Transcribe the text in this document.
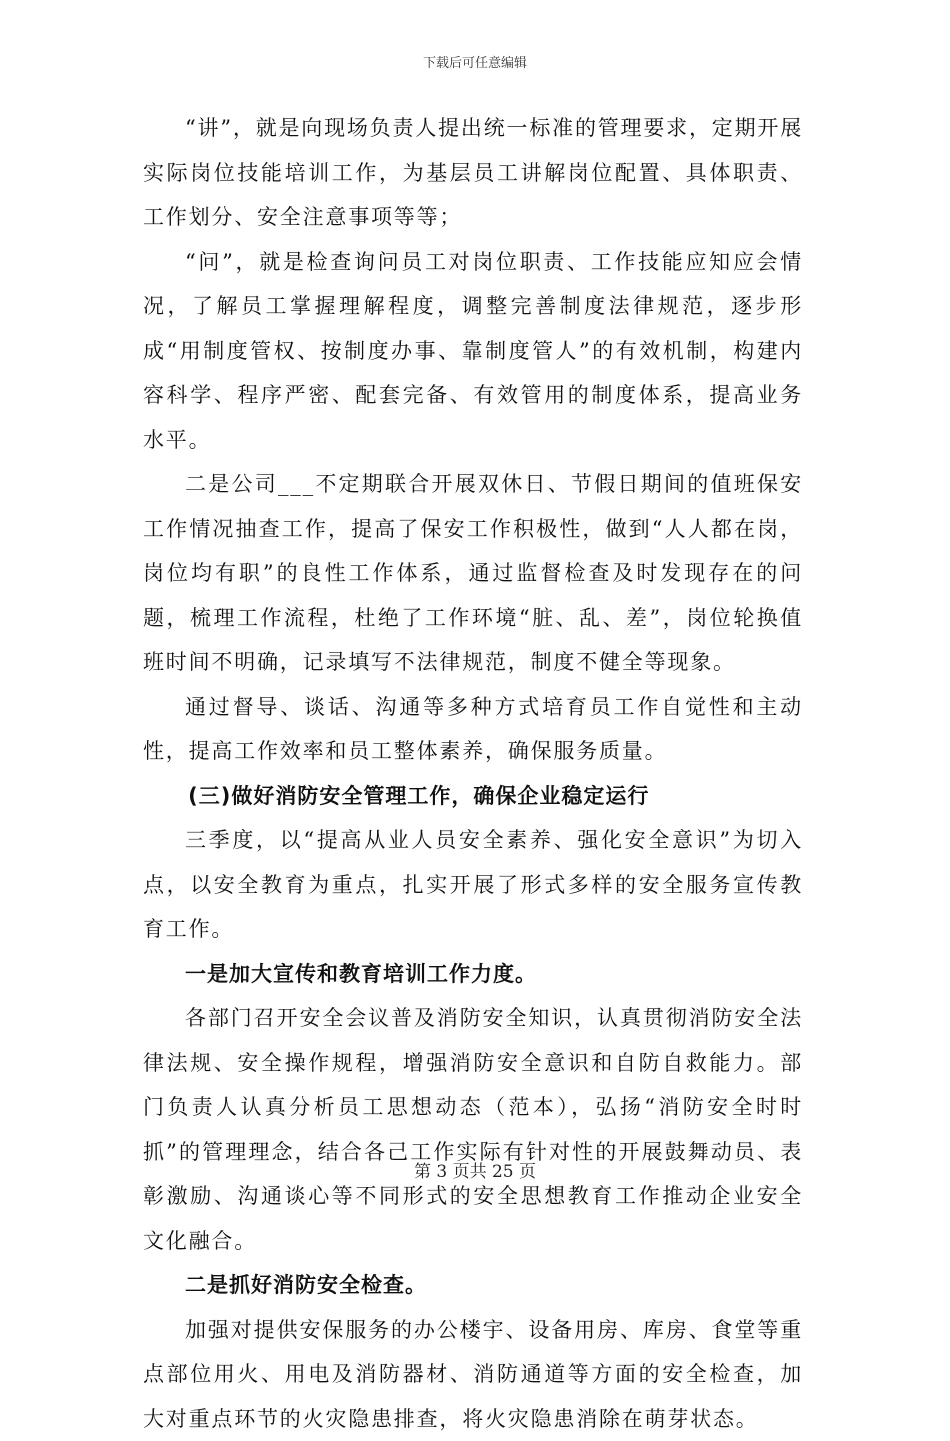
下载后可任意编辑

“讲”，就是向现场负责人提出统一标准的管理要求，定期开展实际岗位技能培训工作，为基层员工讲解岗位配置、具体职责、工作划分、安全注意事项等等；

“问”，就是检查询问员工对岗位职责、工作技能应知应会情况，了解员工掌握理解程度，调整完善制度法律规范，逐步形成“用制度管权、按制度办事、靠制度管人”的有效机制，构建内容科学、程序严密、配套完备、有效管用的制度体系，提高业务水平。

二是公司___不定期联合开展双休日、节假日期间的值班保安工作情况抽查工作，提高了保安工作积极性，做到“人人都在岗，岗位均有职”的良性工作体系，通过监督检查及时发现存在的问题，梳理工作流程，杜绝了工作环境“脏、乱、差”，岗位轮换值班时间不明确，记录填写不法律规范，制度不健全等现象。

通过督导、谈话、沟通等多种方式培育员工作自觉性和主动性，提高工作效率和员工整体素养，确保服务质量。

(三)做好消防安全管理工作，确保企业稳定运行

三季度，以“提高从业人员安全素养、强化安全意识”为切入点，以安全教育为重点，扎实开展了形式多样的安全服务宣传教育工作。

一是加大宣传和教育培训工作力度。

各部门召开安全会议普及消防安全知识，认真贯彻消防安全法律法规、安全操作规程，增强消防安全意识和自防自救能力。部门负责人认真分析员工思想动态（范本），弘扬“消防安全时时抓”的管理理念，结合各己工作实际有针对性的开展鼓舞动员、表彰激励、沟通谈心等不同形式的安全思想教育工作推动企业安全文化融合。

二是抓好消防安全检查。

加强对提供安保服务的办公楼宇、设备用房、库房、食堂等重点部位用火、用电及消防器材、消防通道等方面的安全检查，加大对重点环节的火灾隐患排查，将火灾隐患消除在萌芽状态。

第 3 页共 25 页
